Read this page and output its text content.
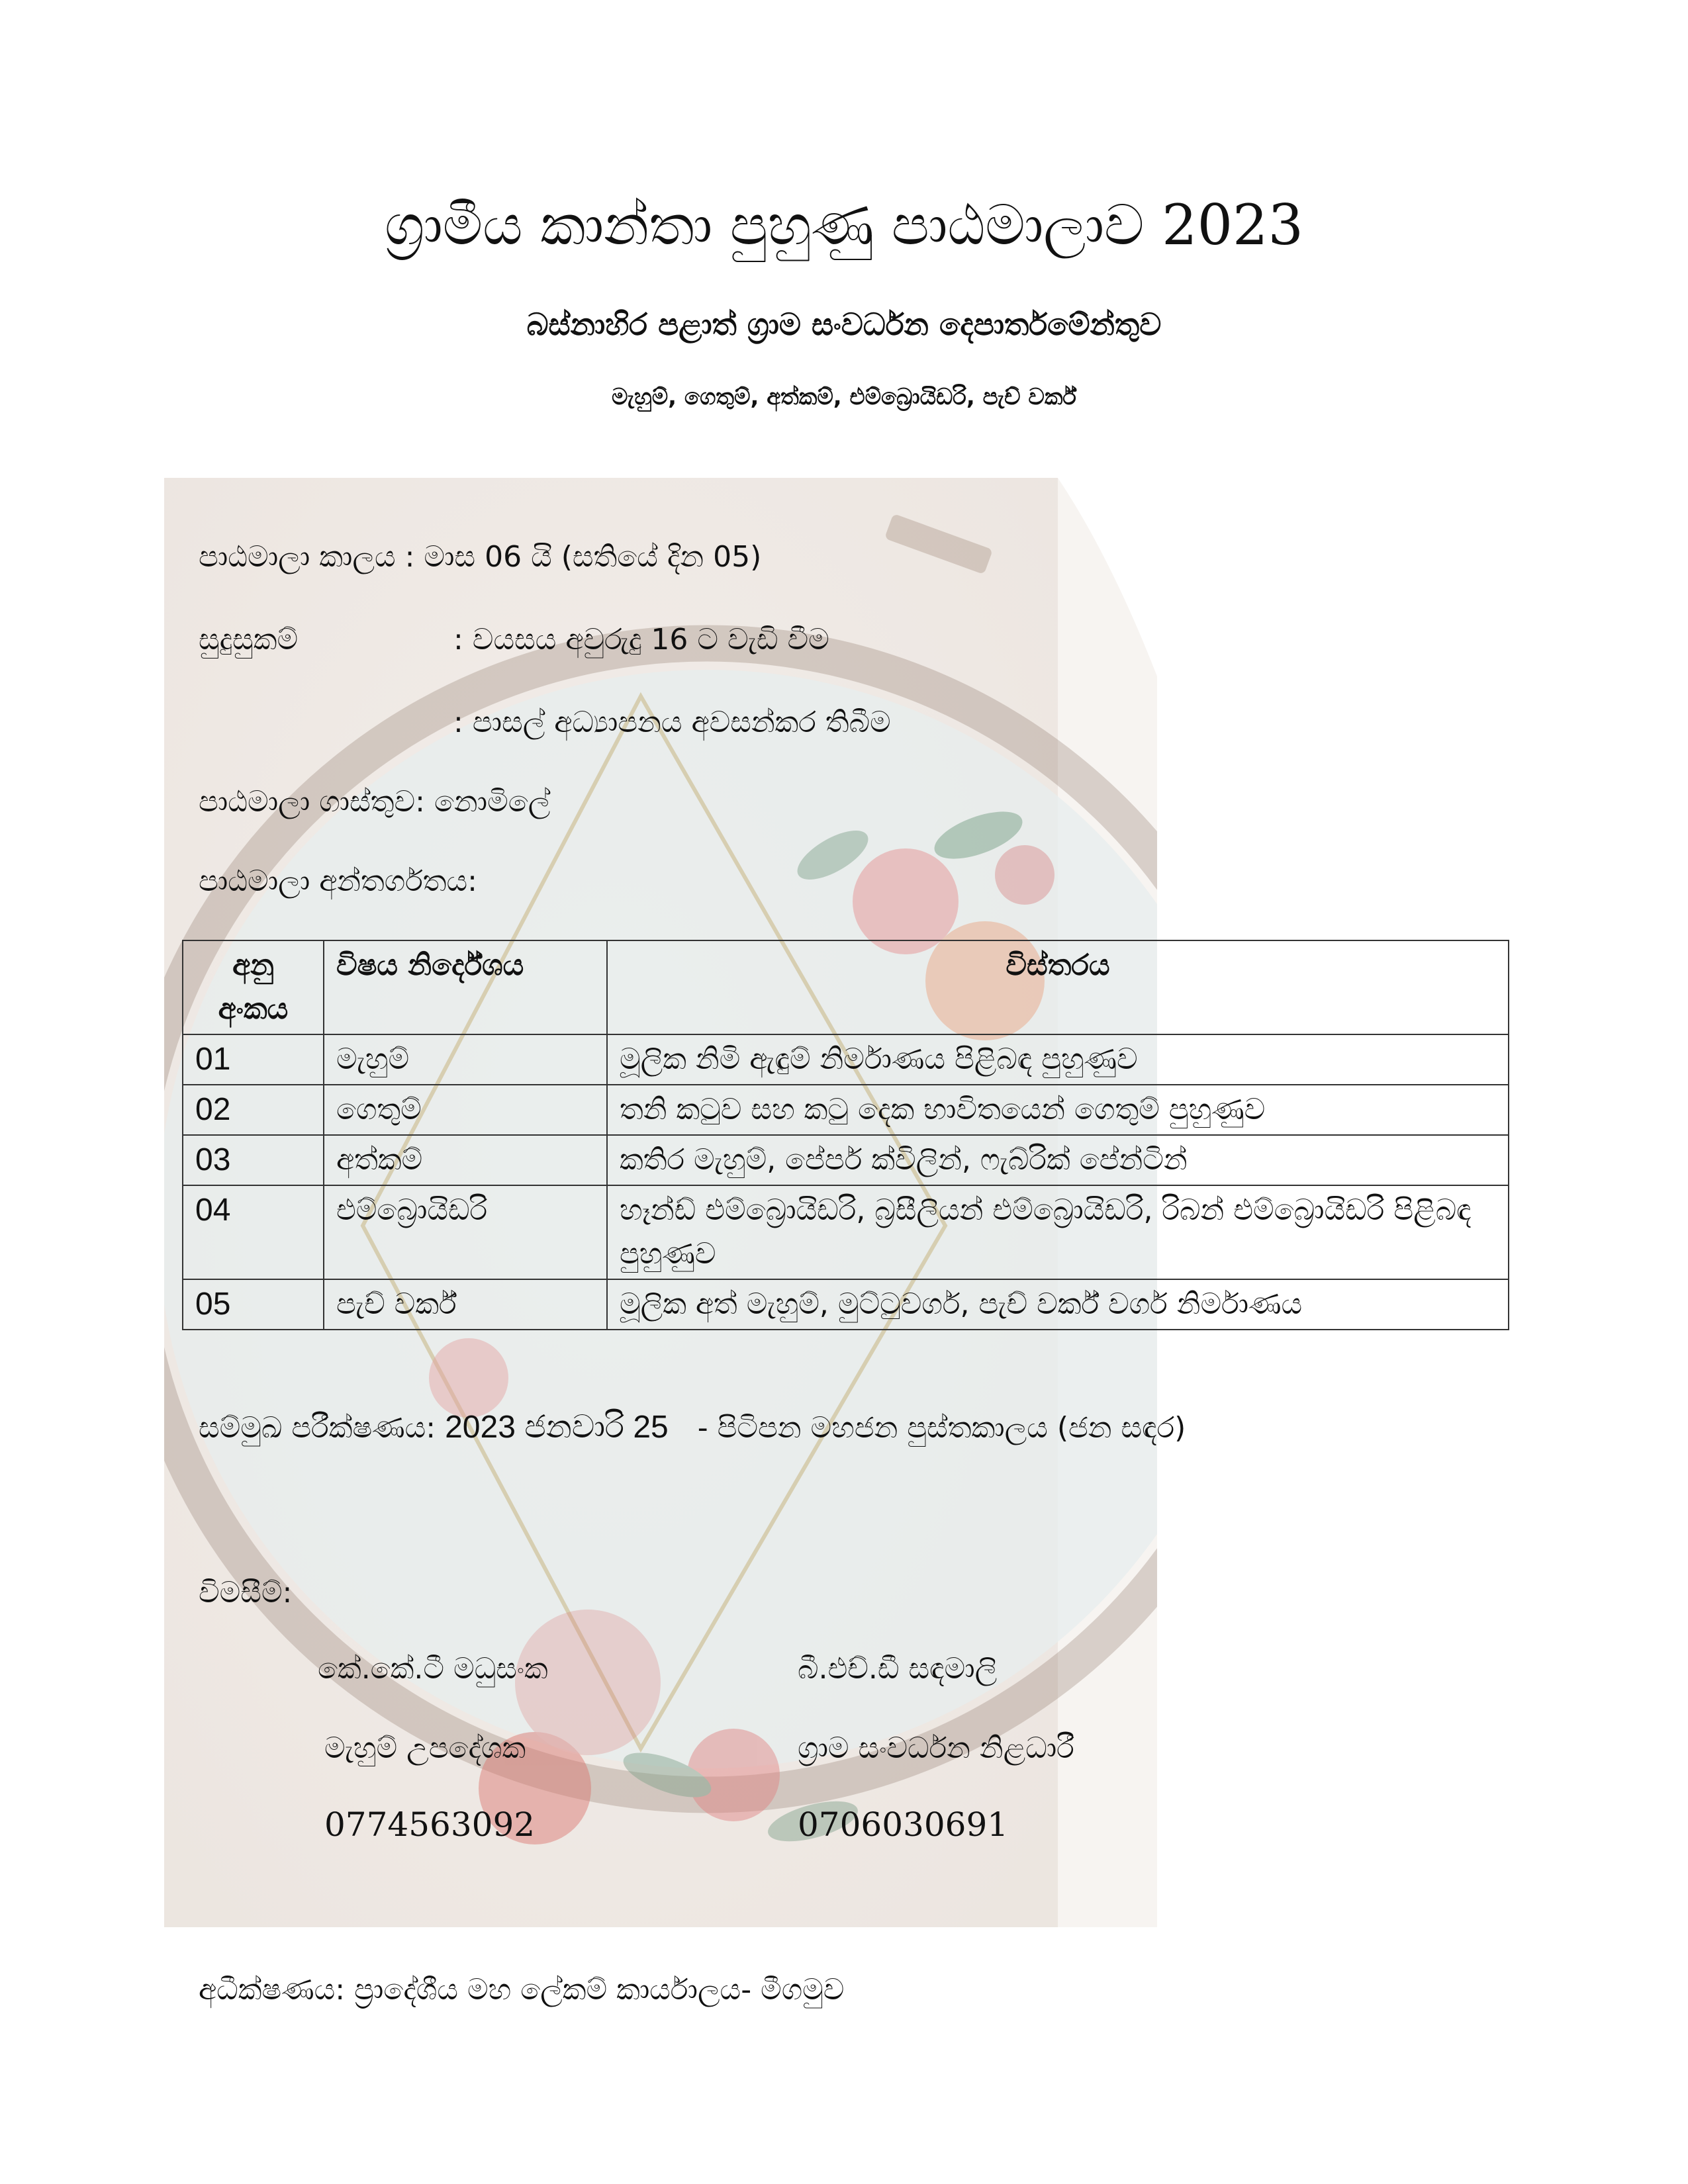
ග්‍රාමීය කාන්තා පුහුණු පාඨමාලාව 2023
බස්නාහිර පළාත් ග්‍රාම සංවර්ධන දෙපාර්තමේන්තුව
මැහුම්, ගෙතුම්, අත්කම්, එම්බ්‍රොයිඩරි, පැච් වර්ක්
පාඨමාලා කාලය : මාස 06 යි (සතියේ දින 05)
සුදුසුකම්	: වයසය අවුරුදු 16 ට වැඩි වීම
: පාසල් අධ්‍යාපනය අවසන්කර තිබීම
පාඨමාලා ගාස්තුව: නොමිලේ
පාඨමාලා අන්තර්ගතය:
අනු අංකය	විෂය නිර්දේශය	විස්තරය
01	මැහුම්	මූලික නිමි ඇඳුම් නිර්මාණය පිළිබඳ පුහුණුව
02	ගෙතුම්	තනි කටුව සහ කටු දෙක භාවිතයෙන් ගෙතුම් පුහුණුව
03	අත්කම්	කතිර මැහුම්, පේපර් ක්විලින්, ෆැබ්රික් පේන්ටින්
04	එම්බ්‍රොයිඩරි	හෑන්ඩ් එම්බ්‍රොයිඩරි, බ්‍රසීලියන් එම්බ්‍රොයිඩරි, රිබන් එම්බ්‍රොයිඩරි පිළිබඳ පුහුණුව
05	පැච් වර්ක්	මූලික අත් මැහුම්, මුට්ටුවර්ග, පැච් වර්ක් වර්ග නිර්මාණය
සම්මුඛ පරීක්ෂණය: 2023 ජනවාරි 25 - පිටිපන මහජන පුස්තකාලය (ජන සඳර)
විමසීම්:
කේ.කේ.ටී මධුසංක
මැහුම් උපදේශක
0774563092
බී.එච්.ඩී සඳමාලි
ග්‍රාම සංවර්ධන නිළධාරී
0706030691
අධීක්ෂණය: ප්‍රාදේශීය මහ ලේකම් කාර්යාලය- මීගමුව
